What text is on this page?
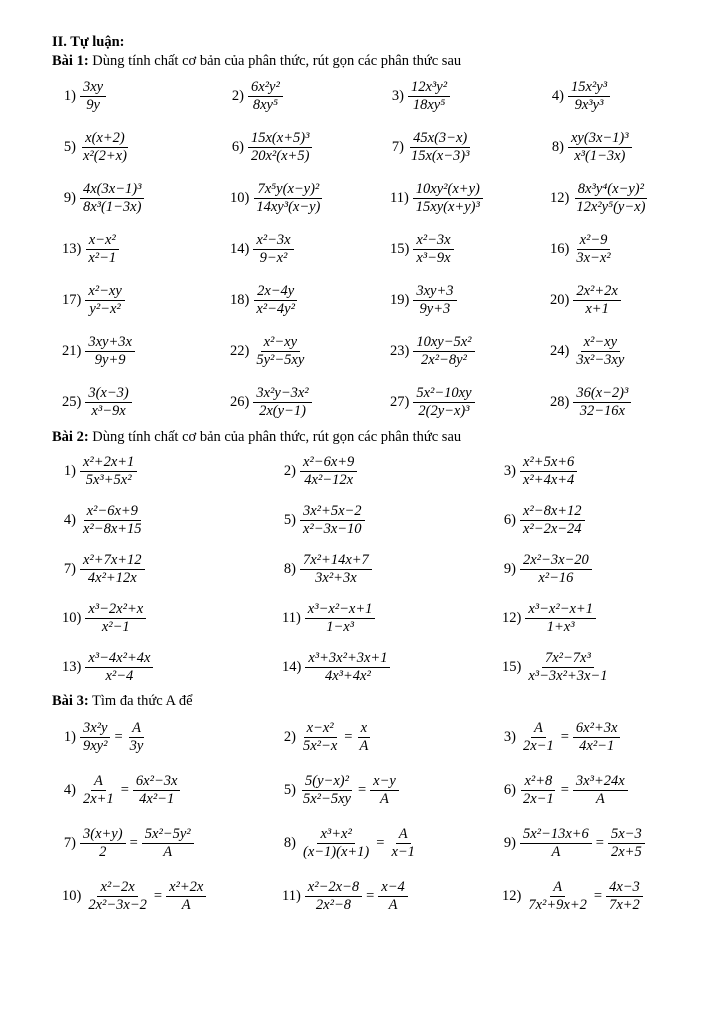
II. Tự luận:
Bài 1: Dùng tính chất cơ bản của phân thức, rút gọn các phân thức sau
$1) \frac{3xy}{9y}$	$2) \frac{\text{6x²y²}}{\text{8xy⁵}}$	$3) \frac{\text{12x³y²}}{\text{18xy⁵}}$	$4) \frac{\text{15x²y³}}{\text{9x³y³}}$
$5) \frac{x(x+2)}{\text{x²(2+x)}}$	$6) \frac{\text{15x(x+5)³}}{\text{20x²(x+5)}}$	$7) \frac{45x(3-x)}{\text{15x(x−3)³}}$	$8) \frac{\text{xy(3x−1)³}}{\text{x³(1−3x)}}$
$9) \frac{\text{4x(3x−1)³}}{\text{8x³(1−3x)}}$	$10) \frac{\text{7x⁵y(x−y)²}}{\text{14xy³(x−y)}}$	$11) \frac{\text{10xy²(x+y)}}{\text{15xy(x+y)³}}$	$12) \frac{\text{8x³y⁴(x−y)²}}{\text{12x²y⁵(y−x)}}$
$13) \frac{\text{x−x²}}{\text{x²−1}}$	$14) \frac{\text{x²−3x}}{\text{9−x²}}$	$15) \frac{\text{x²−3x}}{\text{x³−9x}}$	$16) \frac{\text{x²−9}}{\text{3x−x²}}$
$17) \frac{\text{x²−xy}}{\text{y²−x²}}$	$18) \frac{2x-4y}{\text{x²−4y²}}$	$19) \frac{3xy+3}{9y+3}$	$20) \frac{\text{2x²+2x}}{x+1}$
$21) \frac{3xy+3x}{9y+9}$	$22) \frac{\text{x²−xy}}{\text{5y²−5xy}}$	$23) \frac{\text{10xy−5x²}}{\text{2x²−8y²}}$	$24) \frac{\text{x²−xy}}{\text{3x²−3xy}}$
$25) \frac{3(x-3)}{\text{x³−9x}}$	$26) \frac{\text{3x²y−3x²}}{2x(y-1)}$	$27) \frac{\text{5x²−10xy}}{\text{2(2y−x)³}}$	$28) \frac{\text{36(x−2)³}}{32-16x}$
Bài 2: Dùng tính chất cơ bản của phân thức, rút gọn các phân thức sau
$1) \frac{\text{x²+2x+1}}{\text{5x³+5x²}}$	$2) \frac{\text{x²−6x+9}}{\text{4x²−12x}}$	$3) \frac{\text{x²+5x+6}}{\text{x²+4x+4}}$
$4) \frac{\text{x²−6x+9}}{\text{x²−8x+15}}$	$5) \frac{\text{3x²+5x−2}}{\text{x²−3x−10}}$	$6) \frac{\text{x²−8x+12}}{\text{x²−2x−24}}$
$7) \frac{\text{x²+7x+12}}{\text{4x²+12x}}$	$8) \frac{\text{7x²+14x+7}}{\text{3x²+3x}}$	$9) \frac{\text{2x²−3x−20}}{\text{x²−16}}$
$10) \frac{\text{x³−2x²+x}}{\text{x²−1}}$	$11) \frac{\text{x³−x²−x+1}}{\text{1−x³}}$	$12) \frac{\text{x³−x²−x+1}}{\text{1+x³}}$
$13) \frac{\text{x³−4x²+4x}}{\text{x²−4}}$	$14) \frac{\text{x³+3x²+3x+1}}{\text{4x³+4x²}}$	$15) \frac{\text{7x²−7x³}}{\text{x³−3x²+3x−1}}$
Bài 3: Tìm đa thức A để
$1) \frac{\text{3x²y}}{\text{9xy²}} = \frac{A}{3y}$	$2) \frac{\text{x−x²}}{\text{5x²−x}} = \frac{x}{A}$	$3) \frac{A}{2x-1} = \frac{\text{6x²+3x}}{\text{4x²−1}}$
$4) \frac{A}{2x+1} = \frac{\text{6x²−3x}}{\text{4x²−1}}$	$5) \frac{\text{5(y−x)²}}{\text{5x²−5xy}} = \frac{x-y}{A}$	$6) \frac{\text{x²+8}}{2x-1} = \frac{\text{3x³+24x}}{A}$
$7) \frac{3(x+y)}{2} = \frac{\text{5x²−5y²}}{A}$	$8) \frac{\text{x³+x²}}{(x-1)(x+1)} = \frac{A}{x-1}$	$9) \frac{\text{5x²−13x+6}}{A} = \frac{5x-3}{2x+5}$
$10) \frac{\text{x²−2x}}{\text{2x²−3x−2}} = \frac{\text{x²+2x}}{A}$	$11) \frac{\text{x²−2x−8}}{\text{2x²−8}} = \frac{x-4}{A}$	$12) \frac{A}{\text{7x²+9x+2}} = \frac{4x-3}{7x+2}$
